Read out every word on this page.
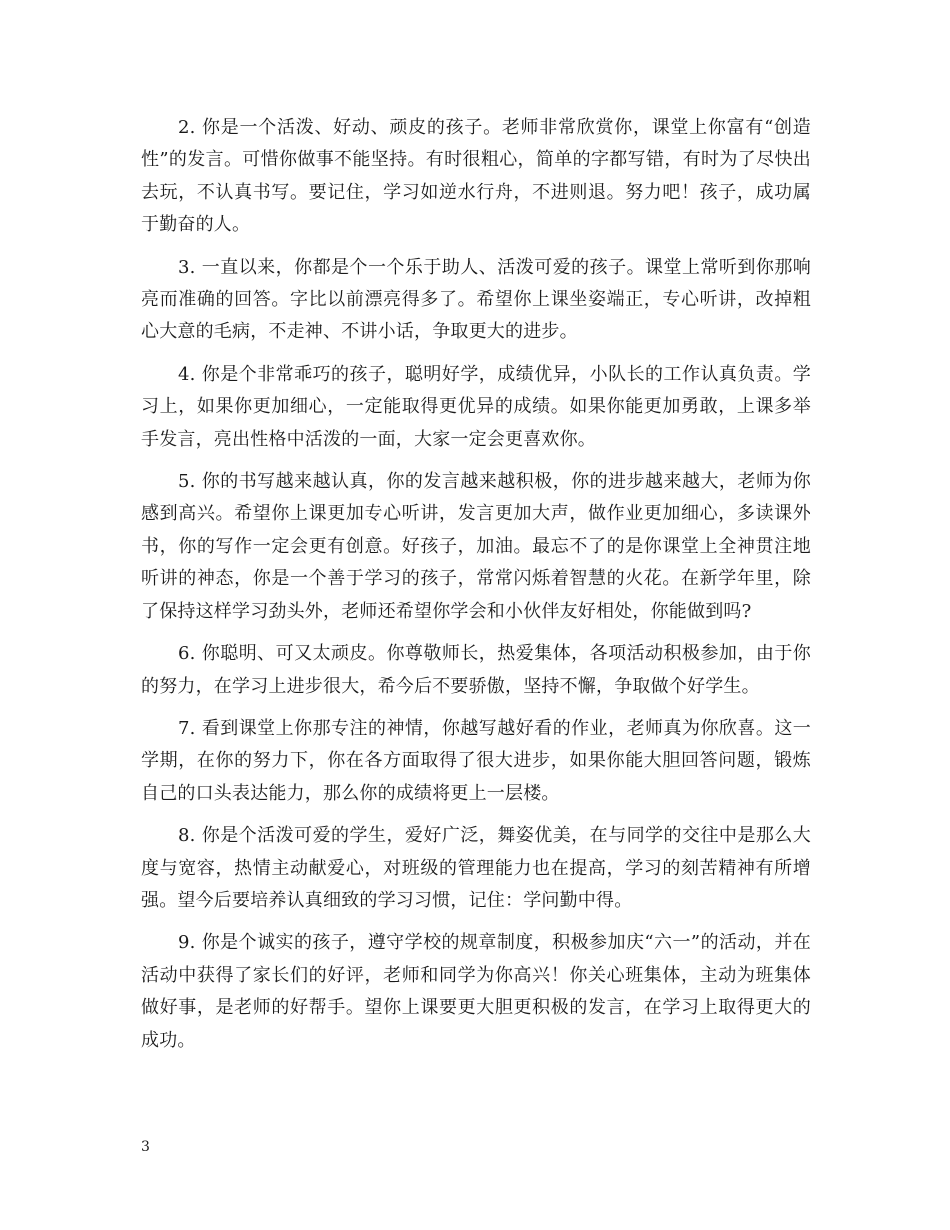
2. 你是一个活泼、好动、顽皮的孩子。老师非常欣赏你，课堂上你富有“创造性”的发言。可惜你做事不能坚持。有时很粗心，简单的字都写错，有时为了尽快出去玩，不认真书写。要记住，学习如逆水行舟，不进则退。努力吧！孩子，成功属于勤奋的人。

3. 一直以来，你都是个一个乐于助人、活泼可爱的孩子。课堂上常听到你那响亮而准确的回答。字比以前漂亮得多了。希望你上课坐姿端正，专心听讲，改掉粗心大意的毛病，不走神、不讲小话，争取更大的进步。

4. 你是个非常乖巧的孩子，聪明好学，成绩优异，小队长的工作认真负责。学习上，如果你更加细心，一定能取得更优异的成绩。如果你能更加勇敢，上课多举手发言，亮出性格中活泼的一面，大家一定会更喜欢你。

5. 你的书写越来越认真，你的发言越来越积极，你的进步越来越大，老师为你感到高兴。希望你上课更加专心听讲，发言更加大声，做作业更加细心，多读课外书，你的写作一定会更有创意。好孩子，加油。最忘不了的是你课堂上全神贯注地听讲的神态，你是一个善于学习的孩子，常常闪烁着智慧的火花。在新学年里，除了保持这样学习劲头外，老师还希望你学会和小伙伴友好相处，你能做到吗?

6. 你聪明、可又太顽皮。你尊敬师长，热爱集体，各项活动积极参加，由于你的努力，在学习上进步很大，希今后不要骄傲，坚持不懈，争取做个好学生。

7. 看到课堂上你那专注的神情，你越写越好看的作业，老师真为你欣喜。这一学期，在你的努力下，你在各方面取得了很大进步，如果你能大胆回答问题，锻炼自己的口头表达能力，那么你的成绩将更上一层楼。

8. 你是个活泼可爱的学生，爱好广泛，舞姿优美，在与同学的交往中是那么大度与宽容，热情主动献爱心，对班级的管理能力也在提高，学习的刻苦精神有所增强。望今后要培养认真细致的学习习惯，记住：学问勤中得。

9. 你是个诚实的孩子，遵守学校的规章制度，积极参加庆“六一”的活动，并在活动中获得了家长们的好评，老师和同学为你高兴！你关心班集体，主动为班集体做好事，是老师的好帮手。望你上课要更大胆更积极的发言，在学习上取得更大的成功。

3
